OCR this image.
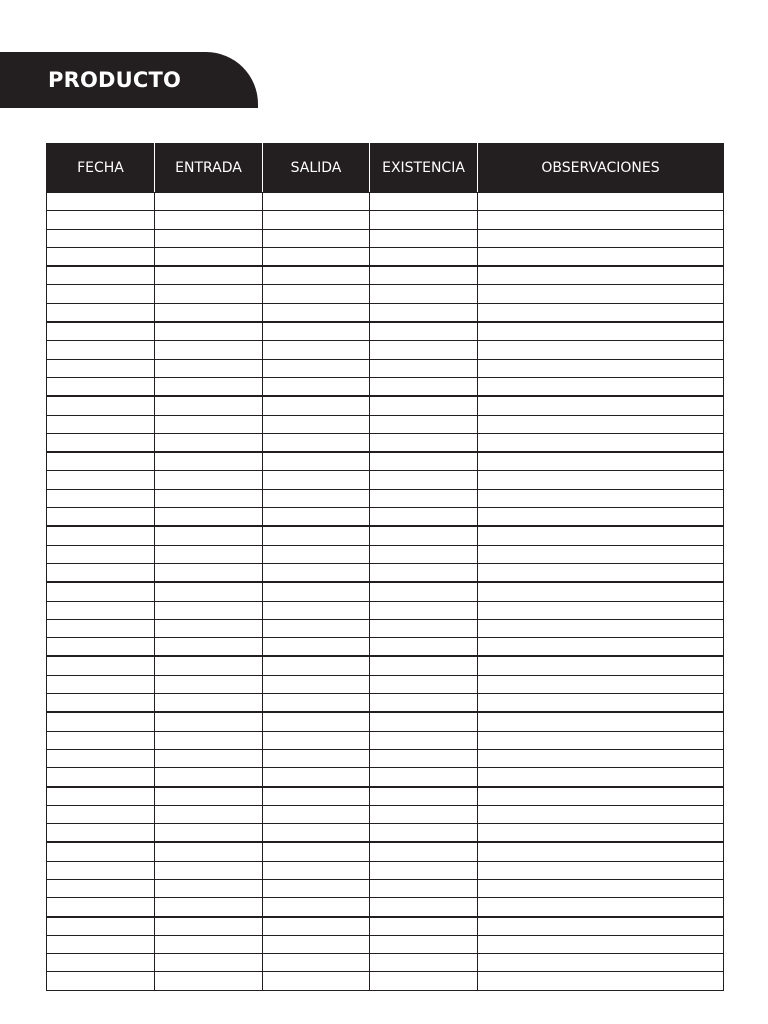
PRODUCTO
FECHA	ENTRADA	SALIDA	EXISTENCIA	OBSERVACIONES
